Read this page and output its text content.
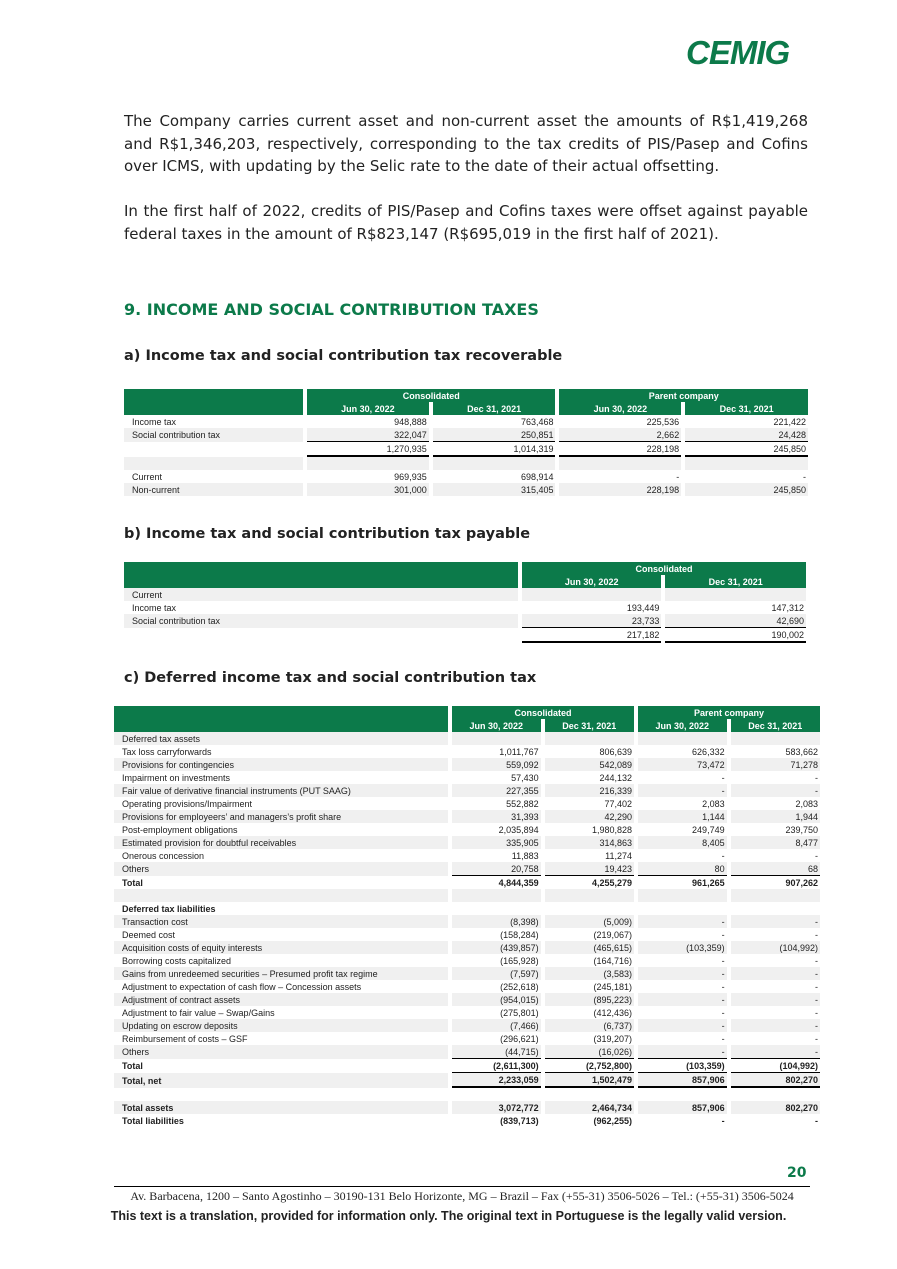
CEMIG

The Company carries current asset and non-current asset the amounts of R$1,419,268 and R$1,346,203, respectively, corresponding to the tax credits of PIS/Pasep and Cofins over ICMS, with updating by the Selic rate to the date of their actual offsetting.

In the first half of 2022, credits of PIS/Pasep and Cofins taxes were offset against payable federal taxes in the amount of R$823,147 (R$695,019 in the first half of 2021).

9. INCOME AND SOCIAL CONTRIBUTION TAXES
a) Income tax and social contribution tax recoverable
	Consolidated		Parent company	
	Jun 30, 2022	Dec 31, 2021	Jun 30, 2022	Dec 31, 2021
Income tax	948,888	763,468	225,536	221,422
Social contribution tax	322,047	250,851	2,662	24,428
	1,270,935	1,014,319	228,198	245,850

Current	969,935	698,914	-	-
Non-current	301,000	315,405	228,198	245,850
b) Income tax and social contribution tax payable
	Consolidated	
	Jun 30, 2022	Dec 31, 2021
Current		
Income tax	193,449	147,312
Social contribution tax	23,733	42,690
	217,182	190,002
c) Deferred income tax and social contribution tax
	Consolidated		Parent company	
	Jun 30, 2022	Dec 31, 2021	Jun 30, 2022	Dec 31, 2021
Deferred tax assets				
Tax loss carryforwards	1,011,767	806,639	626,332	583,662
Provisions for contingencies	559,092	542,089	73,472	71,278
Impairment on investments	57,430	244,132	-	-
Fair value of derivative financial instruments (PUT SAAG)	227,355	216,339	-	-
Operating provisions/Impairment	552,882	77,402	2,083	2,083
Provisions for employeers’ and managers’s profit share	31,393	42,290	1,144	1,944
Post-employment obligations	2,035,894	1,980,828	249,749	239,750
Estimated provision for doubtful receivables	335,905	314,863	8,405	8,477
Onerous concession	11,883	11,274	-	-
Others	20,758	19,423	80	68
Total	4,844,359	4,255,279	961,265	907,262

Deferred tax liabilities				
Transaction cost	(8,398)	(5,009)	-	-
Deemed cost	(158,284)	(219,067)	-	-
Acquisition costs of equity interests	(439,857)	(465,615)	(103,359)	(104,992)
Borrowing costs capitalized	(165,928)	(164,716)	-	-
Gains from unredeemed securities – Presumed profit tax regime	(7,597)	(3,583)	-	-
Adjustment to expectation of cash flow – Concession assets	(252,618)	(245,181)	-	-
Adjustment of contract assets	(954,015)	(895,223)	-	-
Adjustment to fair value – Swap/Gains	(275,801)	(412,436)	-	-
Updating on escrow deposits	(7,466)	(6,737)	-	-
Reimbursement of costs – GSF	(296,621)	(319,207)	-	-
Others	(44,715)	(16,026)	-	-
Total	(2,611,300)	(2,752,800)	(103,359)	(104,992)
Total, net	2,233,059	1,502,479	857,906	802,270

Total assets	3,072,772	2,464,734	857,906	802,270
Total liabilities	(839,713)	(962,255)	-	-
20
Av. Barbacena, 1200 – Santo Agostinho – 30190-131 Belo Horizonte, MG – Brazil – Fax (+55-31) 3506-5026 – Tel.: (+55-31) 3506-5024
This text is a translation, provided for information only. The original text in Portuguese is the legally valid version.
